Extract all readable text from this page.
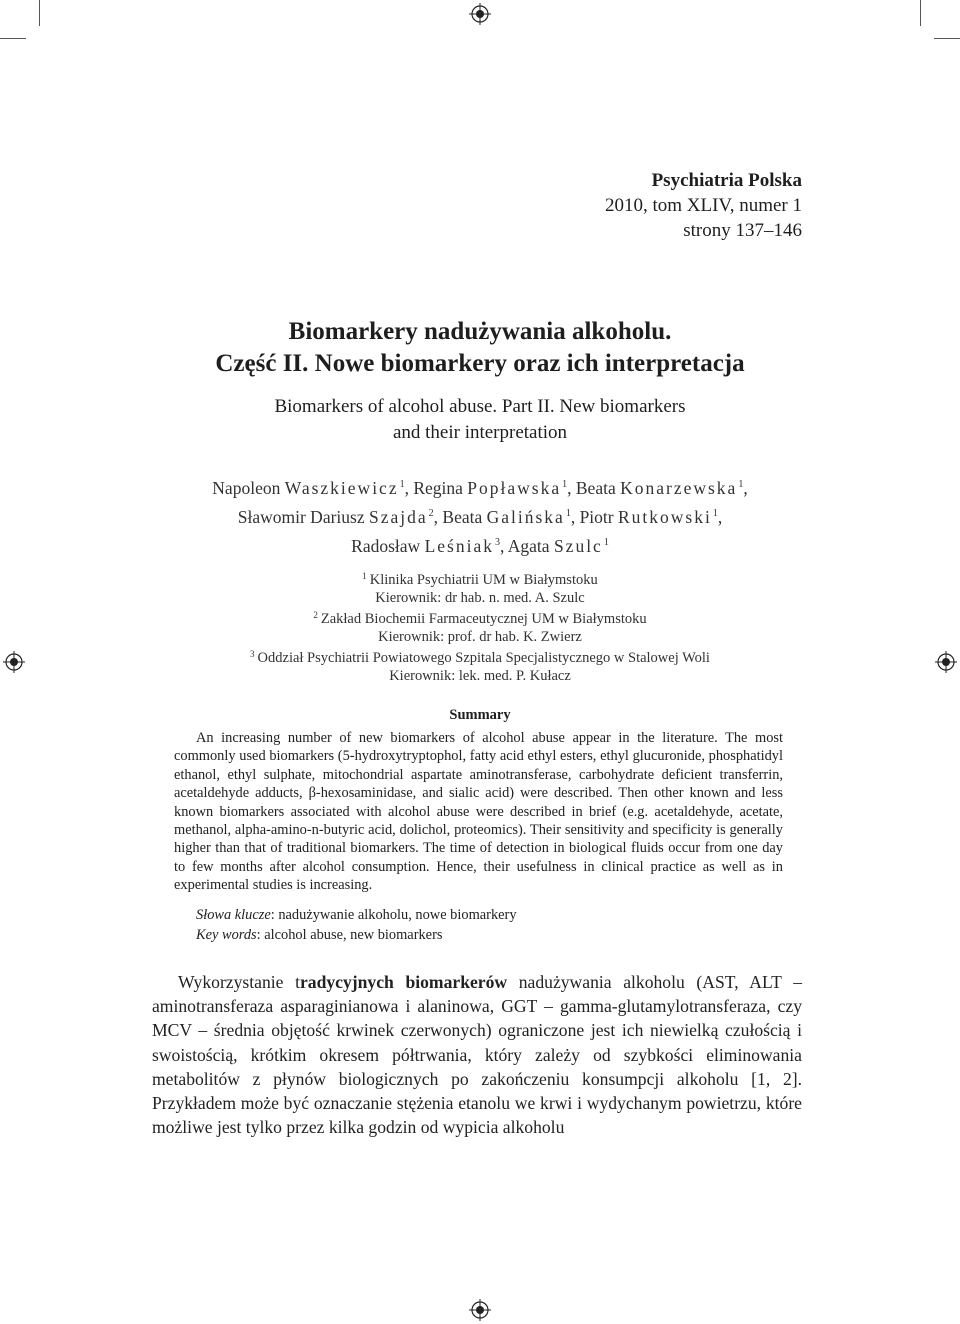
Psychiatria Polska
2010, tom XLIV, numer 1
strony 137–146
Biomarkery nadużywania alkoholu.
Część II. Nowe biomarkery oraz ich interpretacja
Biomarkers of alcohol abuse. Part II. New biomarkers
and their interpretation
Napoleon Waszkiewicz$^1$, Regina Popławska$^1$, Beata Konarzewska$^1$,
Sławomir Dariusz Szajda$^2$, Beata Galińska$^1$, Piotr Rutkowski$^1$,
Radosław Leśniak$^3$, Agata Szulc$^1$
$^1$ Klinika Psychiatrii UM w Białymstoku
Kierownik: dr hab. n. med. A. Szulc
$^2$ Zakład Biochemii Farmaceutycznej UM w Białymstoku
Kierownik: prof. dr hab. K. Zwierz
$^3$ Oddział Psychiatrii Powiatowego Szpitala Specjalistycznego w Stalowej Woli
Kierownik: lek. med. P. Kułacz
Summary

An increasing number of new biomarkers of alcohol abuse appear in the literature. The most commonly used biomarkers (5-hydroxytryptophol, fatty acid ethyl esters, ethyl glucuronide, phosphatidyl ethanol, ethyl sulphate, mitochondrial aspartate aminotransferase, carbohydrate deficient transferrin, acetaldehyde adducts, β-hexosaminidase, and sialic acid) were described. Then other known and less known biomarkers associated with alcohol abuse were described in brief (e.g. acetaldehyde, acetate, methanol, alpha-amino-n-butyric acid, dolichol, proteomics). Their sensitivity and specificity is generally higher than that of traditional biomarkers. The time of detection in biological fluids occur from one day to few months after alcohol consumption. Hence, their usefulness in clinical practice as well as in experimental studies is increasing.

Słowa klucze: nadużywanie alkoholu, nowe biomarkery
Key words: alcohol abuse, new biomarkers

Wykorzystanie tradycyjnych biomarkerów nadużywania alkoholu (AST, ALT – aminotransferaza asparaginianowa i alaninowa, GGT – gamma-glutamylotransferaza, czy MCV – średnia objętość krwinek czerwonych) ograniczone jest ich niewielką czułością i swoistością, krótkim okresem półtrwania, który zależy od szybkości eliminowania metabolitów z płynów biologicznych po zakończeniu konsumpcji alkoholu [1, 2]. Przykładem może być oznaczanie stężenia etanolu we krwi i wydychanym powietrzu, które możliwe jest tylko przez kilka godzin od wypicia alkoholu
